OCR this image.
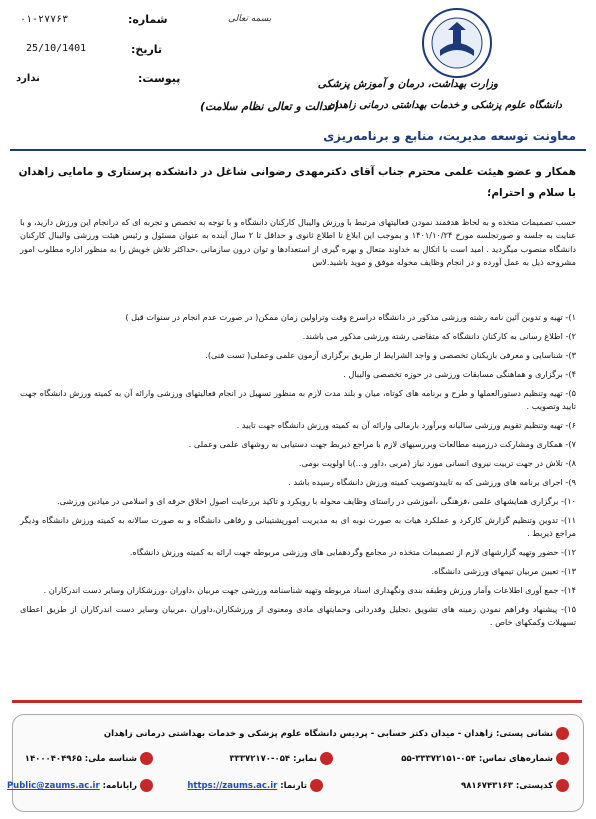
بسمه تعالی
شماره:
۰۱-۲۷۷۶۳
تاریخ:
25/10/1401
پیوست:
ندارد	وزارت بهداشت، درمان و آموزش پزشکی
دانشگاه علوم پزشکی و خدمات بهداشتی درمانی زاهدان
(عدالت و تعالی نظام سلامت)
معاونت توسعه مدیریت، منابع و برنامه‌ریزی
همکار و عضو هیئت علمی محترم جناب آقای دکترمهدی رضوانی شاغل در دانشکده پرستاری و مامایی زاهدان
با سلام و احترام؛
حسب تصمیمات متخذه و به لحاظ هدفمند نمودن فعالیتهای مرتبط با ورزش والیبال کارکنان دانشگاه و با توجه به تخصص و تجربه ای که درانجام این ورزش دارید، و با عنایت به جلسه و صورتجلسه مورخ ۱۴۰۱/۱۰/۲۴ و بموجب این ابلاغ تا اطلاع ثانوی و حداقل تا ۲ سال آینده به عنوان مسئول و رئیس هیئت ورزشی والیبال کارکنان دانشگاه منصوب میگردید . امید است با اتکال به خداوند متعال و بهره گیری از استعدادها و توان درون سازمانی ،حداکثر تلاش خویش را به منظور اداره مطلوب امور مشروحه ذیل به عمل آورده و در انجام وظایف محوله موفق و موید باشید.لاس
۱)- تهیه و تدوین آئین نامه رشته ورزشی مذکور در دانشگاه دراسرع وقت وتراولین زمان ممکن( در صورت عدم انجام در سنوات قبل )
۲)- اطلاع رسانی به کارکنان دانشگاه که متقاضی رشته ورزشی مذکور می باشند.
۳)- شناسایی و معرفی بازیکنان تخصصی و واجد الشرایط از طریق برگزاری آزمون علمی وعملی( تست فنی).
۴)- برگزاری و هماهنگی مسابقات ورزشی در حوزه تخصصی والیبال .
۵)- تهیه وتنظیم دستورالعملها و طرح و برنامه های کوتاه، میان و بلند مدت لازم به منظور تسهیل در انجام فعالیتهای ورزشی وارائه آن به کمیته ورزش دانشگاه جهت تایید وتصویب .
۶)- تهیه وتنظیم تقویم ورزشی سالیانه وبرآورد بارمالی وارائه آن به کمیته ورزش دانشگاه جهت تایید .
۷)- همکاری ومشارکت درزمینه مطالعات وبررسیهای لازم با مراجع ذیربط جهت دستیابی به روشهای علمی وعملی .
۸)- تلاش در جهت تربیت نیروی انسانی مورد نیاز (مربی ،داور و...)با اولویت بومی.
۹)- اجرای برنامه های ورزشی که به تاییدوتصویب کمیته ورزش دانشگاه رسیده باشد .
۱۰)- برگزاری همایشهای علمی ،فرهنگی ،آموزشی در راستای وظایف محوله با رویکرد و تاکید بررعایت اصول اخلاق حرفه ای و اسلامی در میادین ورزشی.
۱۱)- تدوین وتنظیم گزارش کارکرد و عملکرد هیات به صورت نوبه ای به مدیریت امورپشتیبانی و رفاهی دانشگاه و به صورت سالانه به کمیته ورزش دانشگاه ودیگر مراجع ذیربط .
۱۲)- حضور وتهیه گزارشهای لازم از تصمیمات متخذه در مجامع وگردهمایی های ورزشی مربوطه جهت ارائه به کمیته ورزش دانشگاه.
۱۳)- تعیین مربیان تیمهای ورزشی دانشگاه.
۱۴)- جمع آوری اطلاعات وآمار ورزش وطبقه بندی ونگهداری اسناد مربوطه وتهیه شناسنامه ورزشی جهت مربیان ،داوران ،ورزشکاران وسایر دست اندرکاران .
۱۵)- پیشنهاد وفراهم نمودن زمینه های تشویق ،تجلیل وقدردانی وحمایتهای مادی ومعنوی از ورزشکاران،داوران ،مربیان وسایر دست اندرکاران از طریق اعطای تسهیلات وکمکهای خاص .
نشانی پستی: زاهدان - میدان دکتر حسابی - پردیس دانشگاه علوم پزشکی و خدمات بهداشتی درمانی زاهدان
شماره‌های تماس: ۰۵۴-۳۳۳۷۲۱۵۱-۵۵
نمابر: ۰۵۴-۳۳۳۷۲۱۷۰
شناسه ملی: ۱۴۰۰۰۴۰۴۹۶۵
کدپستی: ۹۸۱۶۷۴۳۱۶۳
تارنما: https://zaums.ac.ir
رایانامه: Public@zaums.ac.ir
